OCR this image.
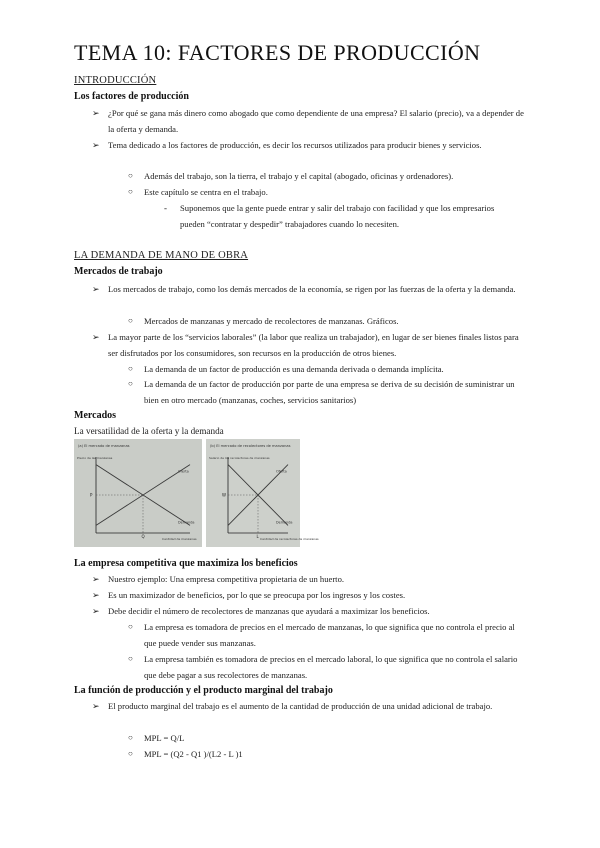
TEMA 10: FACTORES DE PRODUCCIÓN
INTRODUCCIÓN
Los factores de producción
➢ ¿Por qué se gana más dinero como abogado que como dependiente de una empresa? El salario (precio), va a depender de la oferta y demanda.
➢ Tema dedicado a los factores de producción, es decir los recursos utilizados para producir bienes y servicios.
○ Además del trabajo, son la tierra, el trabajo y el capital (abogado, oficinas y ordenadores).
○ Este capítulo se centra en el trabajo.
- Suponemos que la gente puede entrar y salir del trabajo con facilidad y que los empresarios pueden “contratar y despedir” trabajadores cuando lo necesiten.
LA DEMANDA DE MANO DE OBRA
Mercados de trabajo
➢ Los mercados de trabajo, como los demás mercados de la economía, se rigen por las fuerzas de la oferta y la demanda.
○ Mercados de manzanas y mercado de recolectores de manzanas. Gráficos.
➢ La mayor parte de los “servicios laborales” (la labor que realiza un trabajador), en lugar de ser bienes finales listos para ser disfrutados por los consumidores, son recursos en la producción de otros bienes.
○ La demanda de un factor de producción es una demanda derivada o demanda implícita.
○ La demanda de un factor de producción por parte de una empresa se deriva de su decisión de suministrar un bien en otro mercado (manzanas, coches, servicios sanitarios)
Mercados
La versatilidad de la oferta y la demanda
(a) El mercado de manzanas
Precio de las manzanas
Oferta
Demanda
P
Q	Cantidad de manzanas
(b) El mercado de recolectores de manzanas
Salario de los recolectores de manzanas
Oferta
Demanda
W
L Cantidad de recolectores de manzanas
La empresa competitiva que maximiza los beneficios
➢ Nuestro ejemplo: Una empresa competitiva propietaria de un huerto.
➢ Es un maximizador de beneficios, por lo que se preocupa por los ingresos y los costes.
➢ Debe decidir el número de recolectores de manzanas que ayudará a maximizar los beneficios.
○ La empresa es tomadora de precios en el mercado de manzanas, lo que significa que no controla el precio al que puede vender sus manzanas.
○ La empresa también es tomadora de precios en el mercado laboral, lo que significa que no controla el salario que debe pagar a sus recolectores de manzanas.
La función de producción y el producto marginal del trabajo
➢ El producto marginal del trabajo es el aumento de la cantidad de producción de una unidad adicional de trabajo.
○ MPL = Q/L
○ MPL = (Q2 - Q1 )/(L2 - L )1
